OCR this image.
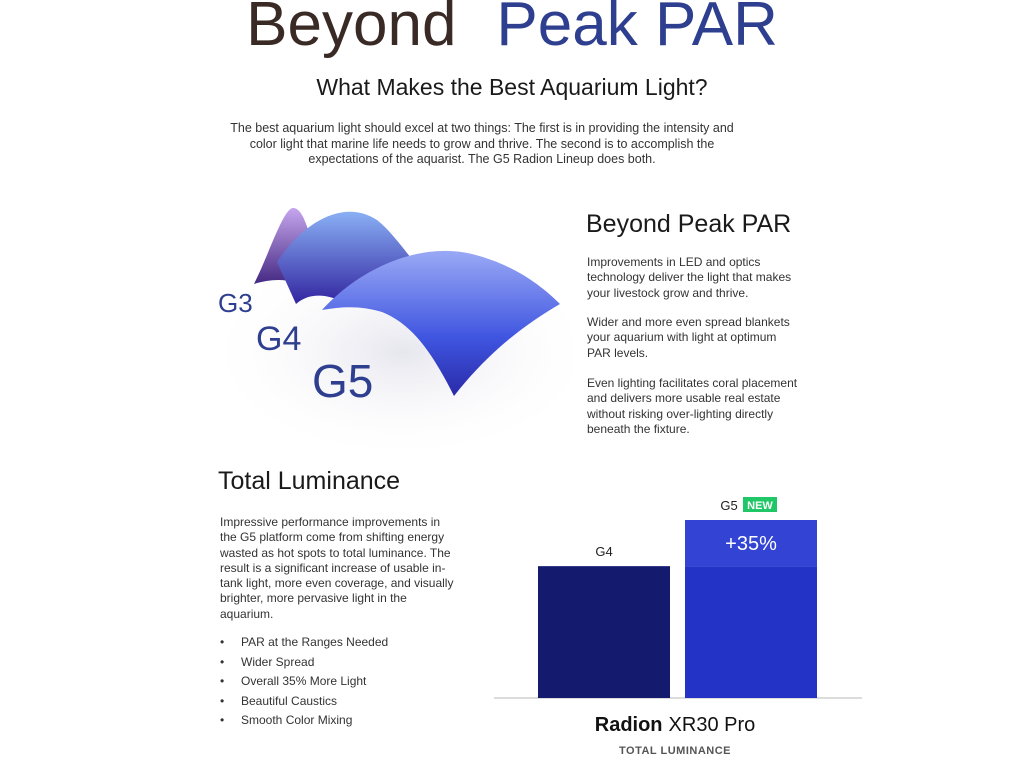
Beyond Peak PAR
What Makes the Best Aquarium Light?
The best aquarium light should excel at two things: The first is in providing the intensity and color light that marine life needs to grow and thrive. The second is to accomplish the expectations of the aquarist. The G5 Radion Lineup does both.
G3
G4
G5
Beyond Peak PAR
Improvements in LED and optics technology deliver the light that makes your livestock grow and thrive.
Wider and more even spread blankets your aquarium with light at optimum PAR levels.
Even lighting facilitates coral placement and delivers more usable real estate without risking over-lighting directly beneath the fixture.
Total Luminance
Impressive performance improvements in the G5 platform come from shifting energy wasted as hot spots to total luminance. The result is a significant increase of usable in-tank light, more even coverage, and visually brighter, more pervasive light in the aquarium.
• PAR at the Ranges Needed
• Wider Spread
• Overall 35% More Light
• Beautiful Caustics
• Smooth Color Mixing
G4	+35%
G5 NEW
Radion XR30 Pro
TOTAL LUMINANCE
